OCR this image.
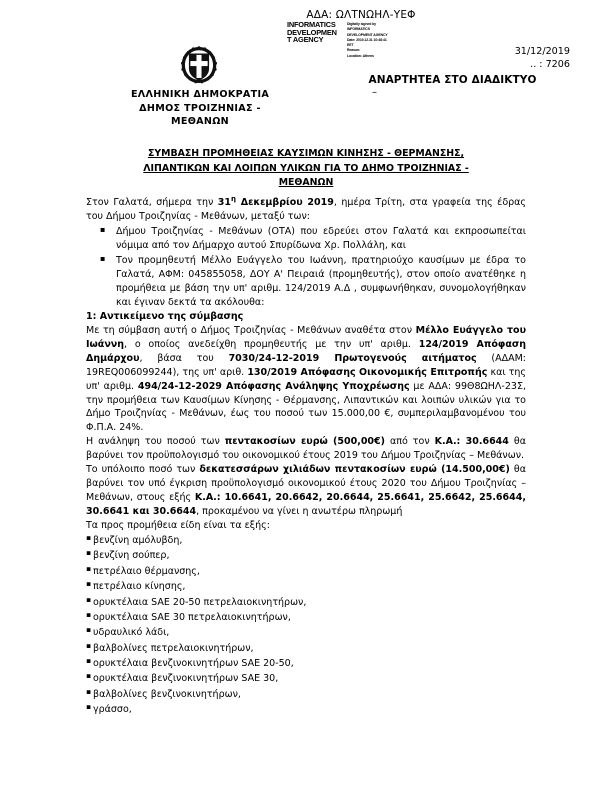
ΑΔΑ: ΩΛΤΝΩΗΛ-ΥΕΦ
INFORMATICS
DEVELOPMEN
T AGENCY
Digitally signed by
INFORMATICS
DEVELOPMENT AGENCY
Date: 2019.12.31 10:48:41
EET
Reason:
Location: Athens	31/12/2019
.. : 7206
ΑΝΑΡΤΗΤΕΑ ΣΤΟ ΔΙΑΔΙΚΤΥΟ
–
ΕΛΛΗΝΙΚΗ ΔΗΜΟΚΡΑΤΙΑ
ΔΗΜΟΣ ΤΡΟΙΖΗΝΙΑΣ -
ΜΕΘΑΝΩΝ
ΣΥΜΒΑΣΗ ΠΡΟΜΗΘΕΙΑΣ ΚΑΥΣΙΜΩΝ ΚΙΝΗΣΗΣ - ΘΕΡΜΑΝΣΗΣ,
ΛΙΠΑΝΤΙΚΩΝ ΚΑΙ ΛΟΙΠΩΝ ΥΛΙΚΩΝ ΓΙΑ ΤΟ ΔΗΜΟ ΤΡΟΙΖΗΝΙΑΣ -
ΜΕΘΑΝΩΝ

Στον Γαλατά, σήμερα την $31^\eta$ Δεκεμβρίου 2019, ημέρα Τρίτη, στα γραφεία της έδρας του Δήμου Τροιζηνίας - Μεθάνων, μεταξύ των:

▪ Δήμου Τροιζηνίας - Μεθάνων (ΟΤΑ) που εδρεύει στον Γαλατά και εκπροσωπείται νόμιμα από τον Δήμαρχο αυτού Σπυρίδωνα Χρ. Πολλάλη, και
▪ Τον προμηθευτή Μέλλο Ευάγγελο του Ιωάννη, πρατηριούχο καυσίμων με έδρα το Γαλατά, ΑΦΜ: 045855058, ΔΟΥ Α' Πειραιά (προμηθευτής), στον οποίο ανατέθηκε η προμήθεια με βάση την υπ' αριθμ. 124/2019 Α.Δ , συμφωνήθηκαν, συνομολογήθηκαν και έγιναν δεκτά τα ακόλουθα:

1: Αντικείμενο της σύμβασης

Με τη σύμβαση αυτή ο Δήμος Τροιζηνίας - Μεθάνων αναθέτα στον Μέλλο Ευάγγελο του Ιωάννη, ο οποίος ανεδείχθη προμηθευτής με την υπ' αριθμ. 124/2019 Απόφαση Δημάρχου, βάσα του 7030/24-12-2019 Πρωτογενούς αιτήματος (ΑΔΑΜ: 19REQ006099244), της υπ' αριθ. 130/2019 Απόφασης Οικονομικής Επιτροπής και της υπ' αριθμ. 494/24-12-2029 Απόφασης Ανάληψης Υποχρέωσης με ΑΔΑ: 99Θ8ΩΗΛ-23Σ, την προμήθεια των Καυσίμων Κίνησης - Θέρμανσης, Λιπαντικών και λοιπών υλικών για το Δήμο Τροιζηνίας - Μεθάνων, έως του ποσού των 15.000,00 €, συμπεριλαμβανομένου του Φ.Π.Α. 24%.

Η ανάληψη του ποσού των πεντακοσίων ευρώ (500,00€) από τον Κ.Α.: 30.6644 θα βαρύνει τον προϋπολογισμό του οικονομικού έτους 2019 του Δήμου Τροιζηνίας – Μεθάνων.

Το υπόλοιπο ποσό των δεκατεσσάρων χιλιάδων πεντακοσίων ευρώ (14.500,00€) θα βαρύνει τον υπό έγκριση προϋπολογισμό οικονομικού έτους 2020 του Δήμου Τροιζηνίας – Μεθάνων, στους εξής Κ.Α.: 10.6641, 20.6642, 20.6644, 25.6641, 25.6642, 25.6644, 30.6641 και 30.6644, προκαμένου να γίνει η ανωτέρω πληρωμή

Τα προς προμήθεια είδη είναι τα εξής:

▪ βενζίνη αμόλυβδη,
▪ βενζίνη σούπερ,
▪ πετρέλαιο θέρμανσης,
▪ πετρέλαιο κίνησης,
▪ ορυκτέλαια SAE 20-50 πετρελαιοκινητήρων,
▪ ορυκτέλαια SAE 30 πετρελαιοκινητήρων,
▪ υδραυλικό λάδι,
▪ βαλβολίνες πετρελαιοκινητήρων,
▪ ορυκτέλαια βενζινοκινητήρων SAE 20-50,
▪ ορυκτέλαια βενζινοκινητήρων SAE 30,
▪ βαλβολίνες βενζινοκινητήρων,
▪ γράσσο,
